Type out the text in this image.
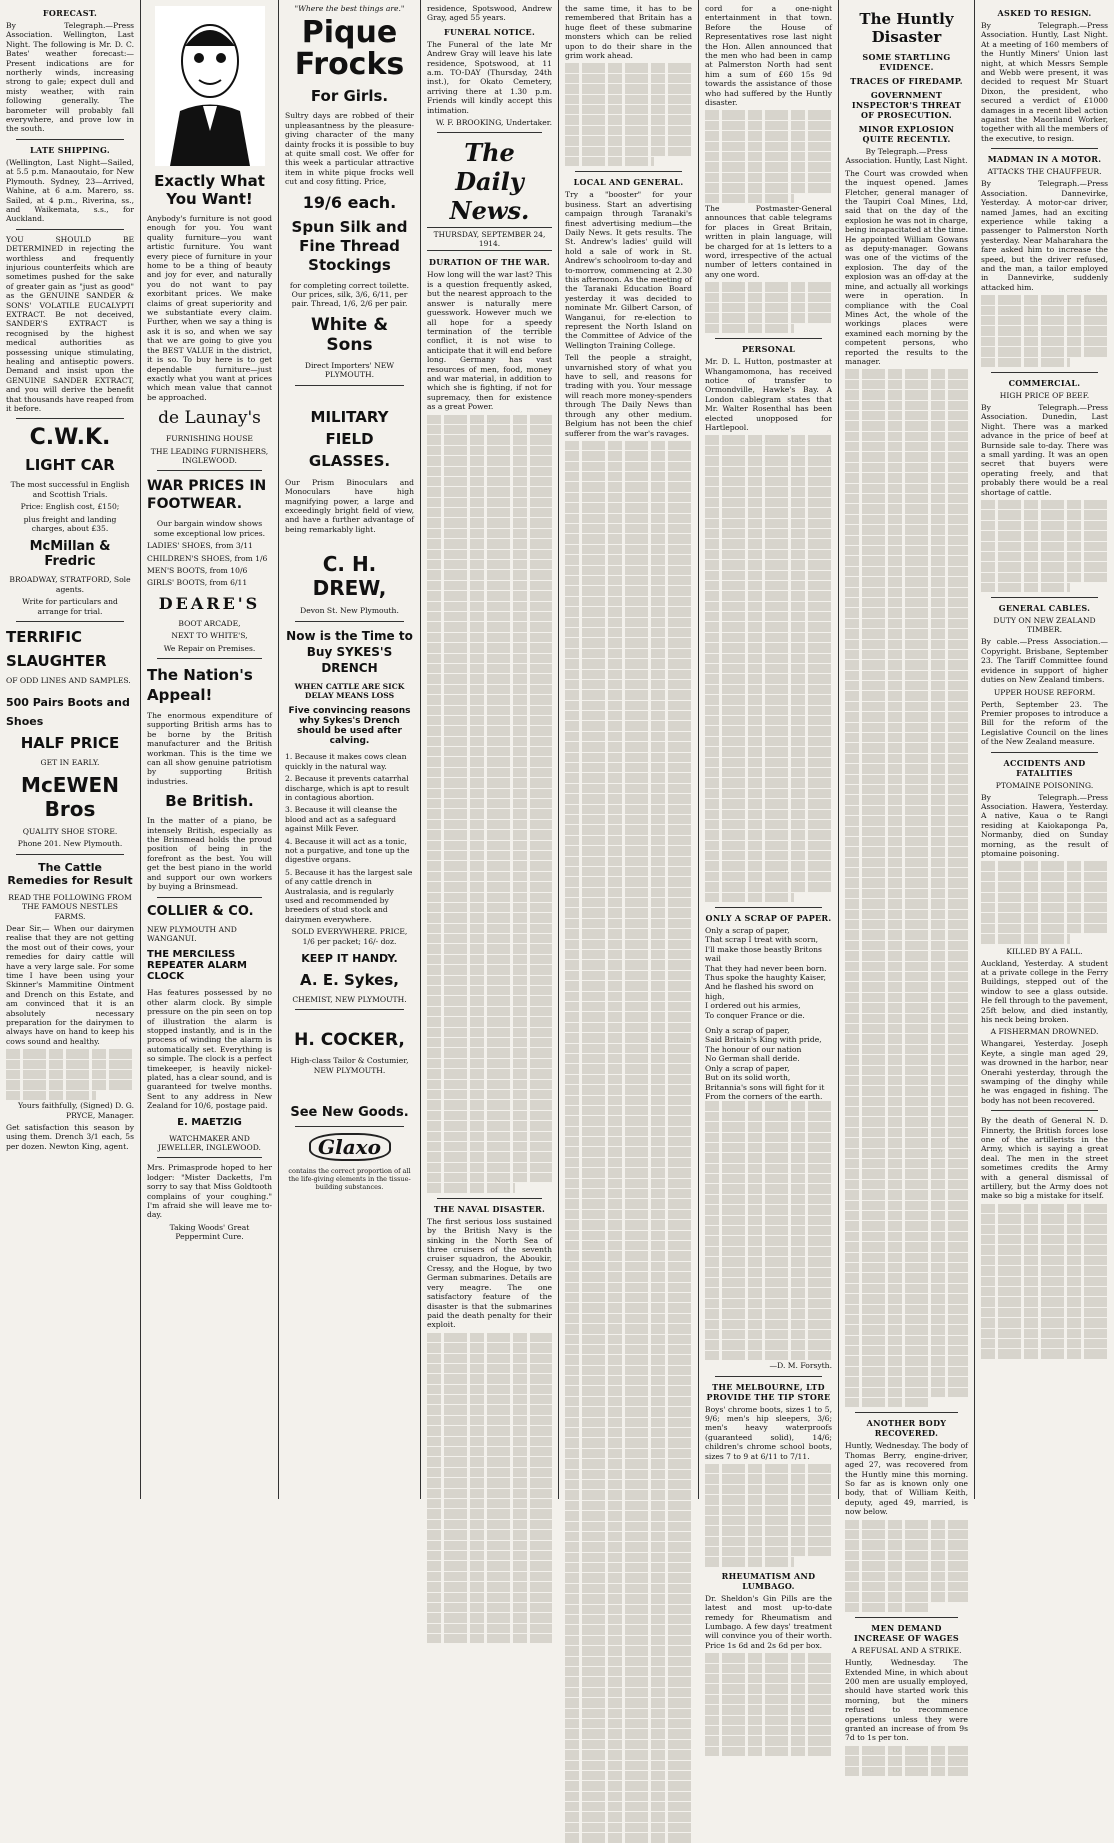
FORECAST.

By Telegraph.—Press Association. Wellington, Last Night. The following is Mr. D. C. Bates' weather forecast:— Present indications are for northerly winds, increasing strong to gale; expect dull and misty weather, with rain following generally. The barometer will probably fall everywhere, and prove low in the south.

LATE SHIPPING.

(Wellington, Last Night—Sailed, at 5.5 p.m. Manaoutaio, for New Plymouth. Sydney, 23—Arrived, Wahine, at 6 a.m. Marero, ss. Sailed, at 4 p.m., Riverina, ss., and Waikemata, s.s., for Auckland.

YOU SHOULD BE DETERMINED in rejecting the worthless and frequently injurious counterfeits which are sometimes pushed for the sake of greater gain as "just as good" as the GENUINE SANDER & SONS' VOLATILE EUCALYPTI EXTRACT. Be not deceived, SANDER'S EXTRACT is recognised by the highest medical authorities as possessing unique stimulating, healing and antiseptic powers. Demand and insist upon the GENUINE SANDER EXTRACT, and you will derive the benefit that thousands have reaped from it before.

C.W.K.
LIGHT CAR

The most successful in English and Scottish Trials.

Price: English cost, £150;

plus freight and landing charges, about £35.

McMillan & Fredric

BROADWAY, STRATFORD, Sole agents.

Write for particulars and arrange for trial.

TERRIFIC
SLAUGHTER

OF ODD LINES AND SAMPLES.

500 Pairs Boots and
Shoes
HALF PRICE

GET IN EARLY.

McEWEN Bros

QUALITY SHOE STORE.

Phone 201. New Plymouth.

The Cattle Remedies for Result

READ THE FOLLOWING FROM THE FAMOUS NESTLES FARMS.

Dear Sir,— When our dairymen realise that they are not getting the most out of their cows, your remedies for dairy cattle will have a very large sale. For some time I have been using your Skinner's Mammitine Ointment and Drench on this Estate, and am convinced that it is an absolutely necessary preparation for the dairymen to always have on hand to keep his cows sound and healthy.

Yours faithfully, (Signed) D. G. PRYCE, Manager.

Get satisfaction this season by using them. Drench 3/1 each, 5s per dozen. Newton King, agent.

Exactly What You Want!

Anybody's furniture is not good enough for you. You want quality furniture—you want artistic furniture. You want every piece of furniture in your home to be a thing of beauty and joy for ever, and naturally you do not want to pay exorbitant prices. We make claims of great superiority and we substantiate every claim. Further, when we say a thing is ask it is so, and when we say that we are going to give you the BEST VALUE in the district, it is so. To buy here is to get dependable furniture—just exactly what you want at prices which mean value that cannot be approached.

de Launay's

FURNISHING HOUSE

THE LEADING FURNISHERS, INGLEWOOD.

WAR PRICES IN FOOTWEAR.

Our bargain window shows some exceptional low prices.

LADIES' SHOES, from 3/11

CHILDREN'S SHOES, from 1/6

MEN'S BOOTS, from 10/6

GIRLS' BOOTS, from 6/11

DEARE'S

BOOT ARCADE,

NEXT TO WHITE'S,

We Repair on Premises.

The Nation's Appeal!

The enormous expenditure of supporting British arms has to be borne by the British manufacturer and the British workman. This is the time we can all show genuine patriotism by supporting British industries.

Be British.

In the matter of a piano, be intensely British, especially as the Brinsmead holds the proud position of being in the forefront as the best. You will get the best piano in the world and support our own workers by buying a Brinsmead.

COLLIER & CO.

NEW PLYMOUTH AND WANGANUI.

THE MERCILESS REPEATER ALARM CLOCK

Has features possessed by no other alarm clock. By simple pressure on the pin seen on top of illustration the alarm is stopped instantly, and is in the process of winding the alarm is automatically set. Everything is so simple. The clock is a perfect timekeeper, is heavily nickel-plated, has a clear sound, and is guaranteed for twelve months. Sent to any address in New Zealand for 10/6, postage paid.

E. MAETZIG

WATCHMAKER AND JEWELLER, INGLEWOOD.

Mrs. Primasprode hoped to her lodger: "Mister Dacketts, I'm sorry to say that Miss Goldtooth complains of your coughing." I'm afraid she will leave me to-day.

Taking Woods' Great Peppermint Cure.

"Where the best things are."

Pique Frocks
For Girls.

Sultry days are robbed of their unpleasantness by the pleasure-giving character of the many dainty frocks it is possible to buy at quite small cost. We offer for this week a particular attractive item in white pique frocks well cut and cosy fitting. Price,

19/6 each.
Spun Silk and Fine Thread Stockings

for completing correct toilette. Our prices, silk, 3/6, 6/11, per pair. Thread, 1/6, 2/6 per pair.

White & Sons

Direct Importers' NEW PLYMOUTH.

MILITARY FIELD GLASSES.

Our Prism Binoculars and Monoculars have high magnifying power, a large and exceedingly bright field of view, and have a further advantage of being remarkably light.

C. H. DREW,

Devon St. New Plymouth.

Now is the Time to Buy SYKES'S DRENCH

WHEN CATTLE ARE SICK DELAY MEANS LOSS

Five convincing reasons why Sykes's Drench should be used after calving.

1. Because it makes cows clean quickly in the natural way.

2. Because it prevents catarrhal discharge, which is apt to result in contagious abortion.

3. Because it will cleanse the blood and act as a safeguard against Milk Fever.

4. Because it will act as a tonic, not a purgative, and tone up the digestive organs.

5. Because it has the largest sale of any cattle drench in Australasia, and is regularly used and recommended by breeders of stud stock and dairymen everywhere.

SOLD EVERYWHERE. PRICE, 1/6 per packet; 16/- doz.

KEEP IT HANDY.
A. E. Sykes,

CHEMIST, NEW PLYMOUTH.

H. COCKER,

High-class Tailor & Costumier, NEW PLYMOUTH.

See New Goods.
Glaxo

contains the correct proportion of all the life-giving elements in the tissue-building substances.

residence, Spotswood, Andrew Gray, aged 55 years.

FUNERAL NOTICE.

The Funeral of the late Mr Andrew Gray will leave his late residence, Spotswood, at 11 a.m. TO-DAY (Thursday, 24th inst.), for Okato Cemetery, arriving there at 1.30 p.m. Friends will kindly accept this intimation.

W. F. BROOKING, Undertaker.

The Daily News.
THURSDAY, SEPTEMBER 24, 1914.
DURATION OF THE WAR.

How long will the war last? This is a question frequently asked, but the nearest approach to the answer is naturally mere guesswork. However much we all hope for a speedy termination of the terrible conflict, it is not wise to anticipate that it will end before long. Germany has vast resources of men, food, money and war material, in addition to which she is fighting, if not for supremacy, then for existence as a great Power.

THE NAVAL DISASTER.

The first serious loss sustained by the British Navy is the sinking in the North Sea of three cruisers of the seventh cruiser squadron, the Aboukir, Cressy, and the Hogue, by two German submarines. Details are very meagre. The one satisfactory feature of the disaster is that the submarines paid the death penalty for their exploit.

the same time, it has to be remembered that Britain has a huge fleet of these submarine monsters which can be relied upon to do their share in the grim work ahead.

LOCAL AND GENERAL.

Try a "booster" for your business. Start an advertising campaign through Taranaki's finest advertising medium—the Daily News. It gets results. The St. Andrew's ladies' guild will hold a sale of work in St. Andrew's schoolroom to-day and to-morrow, commencing at 2.30 this afternoon. As the meeting of the Taranaki Education Board yesterday it was decided to nominate Mr. Gilbert Carson, of Wanganui, for re-election to represent the North Island on the Committee of Advice of the Wellington Training College.

Tell the people a straight, unvarnished story of what you have to sell, and reasons for trading with you. Your message will reach more money-spenders through The Daily News than through any other medium. Belgium has not been the chief sufferer from the war's ravages.

cord for a one-night entertainment in that town. Before the House of Representatives rose last night the Hon. Allen announced that the men who had been in camp at Palmerston North had sent him a sum of £60 15s 9d towards the assistance of those who had suffered by the Huntly disaster.

The Postmaster-General announces that cable telegrams for places in Great Britain, written in plain language, will be charged for at 1s letters to a word, irrespective of the actual number of letters contained in any one word.

PERSONAL

Mr. D. L. Hutton, postmaster at Whangamomona, has received notice of transfer to Ormondville, Hawke's Bay. A London cablegram states that Mr. Walter Rosenthal has been elected unopposed for Hartlepool.

ONLY A SCRAP OF PAPER.

Only a scrap of paper,

That scrap I treat with scorn,

I'll make those beastly Britons wail

That they had never been born.

Thus spoke the haughty Kaiser,

And he flashed his sword on high,

I ordered out his armies,

To conquer France or die.

Only a scrap of paper,

Said Britain's King with pride,

The honour of our nation

No German shall deride.

Only a scrap of paper,

But on its solid worth,

Britannia's sons will fight for it

From the corners of the earth.

—D. M. Forsyth.

THE MELBOURNE, LTD PROVIDE THE TIP STORE

Boys' chrome boots, sizes 1 to 5, 9/6; men's hip sleepers, 3/6; men's heavy waterproofs (guaranteed solid), 14/6; children's chrome school boots, sizes 7 to 9 at 6/11 to 7/11.

RHEUMATISM AND LUMBAGO.

Dr. Sheldon's Gin Pills are the latest and most up-to-date remedy for Rheumatism and Lumbago. A few days' treatment will convince you of their worth. Price 1s 6d and 2s 6d per box.

The Huntly Disaster
SOME STARTLING EVIDENCE.
TRACES OF FIREDAMP.
GOVERNMENT INSPECTOR'S THREAT OF PROSECUTION.
MINOR EXPLOSION QUITE RECENTLY.

By Telegraph.—Press Association. Huntly, Last Night.

The Court was crowded when the inquest opened. James Fletcher, general manager of the Taupiri Coal Mines, Ltd, said that on the day of the explosion he was not in charge, being incapacitated at the time. He appointed William Gowans as deputy-manager. Gowans was one of the victims of the explosion. The day of the explosion was an off-day at the mine, and actually all workings were in operation. In compliance with the Coal Mines Act, the whole of the workings places were examined each morning by the competent persons, who reported the results to the manager.

ANOTHER BODY RECOVERED.

Huntly, Wednesday. The body of Thomas Berry, engine-driver, aged 27, was recovered from the Huntly mine this morning. So far as is known only one body, that of William Keith, deputy, aged 49, married, is now below.

MEN DEMAND INCREASE OF WAGES
A REFUSAL AND A STRIKE.

Huntly, Wednesday. The Extended Mine, in which about 200 men are usually employed, should have started work this morning, but the miners refused to recommence operations unless they were granted an increase of from 9s 7d to 1s per ton.

ASKED TO RESIGN.

By Telegraph.—Press Association. Huntly, Last Night. At a meeting of 160 members of the Huntly Miners' Union last night, at which Messrs Semple and Webb were present, it was decided to request Mr Stuart Dixon, the president, who secured a verdict of £1000 damages in a recent libel action against the Maoriland Worker, together with all the members of the executive, to resign.

MADMAN IN A MOTOR.
ATTACKS THE CHAUFFEUR.

By Telegraph.—Press Association. Dannevirke, Yesterday. A motor-car driver, named James, had an exciting experience while taking a passenger to Palmerston North yesterday. Near Maharahara the fare asked him to increase the speed, but the driver refused, and the man, a tailor employed in Dannevirke, suddenly attacked him.

COMMERCIAL.
HIGH PRICE OF BEEF.

By Telegraph.—Press Association. Dunedin, Last Night. There was a marked advance in the price of beef at Burnside sale to-day. There was a small yarding. It was an open secret that buyers were operating freely, and that probably there would be a real shortage of cattle.

GENERAL CABLES.
DUTY ON NEW ZEALAND TIMBER.

By cable.—Press Association.—Copyright. Brisbane, September 23. The Tariff Committee found evidence in support of higher duties on New Zealand timbers.

UPPER HOUSE REFORM.

Perth, September 23. The Premier proposes to introduce a Bill for the reform of the Legislative Council on the lines of the New Zealand measure.

ACCIDENTS AND FATALITIES
PTOMAINE POISONING.

By Telegraph.—Press Association. Hawera, Yesterday. A native, Kaua o te Rangi residing at Kaiokaponga Pa, Normanby, died on Sunday morning, as the result of ptomaine poisoning.

KILLED BY A FALL.

Auckland, Yesterday. A student at a private college in the Ferry Buildings, stepped out of the window to see a glass outside. He fell through to the pavement, 25ft below, and died instantly, his neck being broken.

A FISHERMAN DROWNED.

Whangarei, Yesterday. Joseph Keyte, a single man aged 29, was drowned in the harbor, near Onerahi yesterday, through the swamping of the dinghy while he was engaged in fishing. The body has not been recovered.

By the death of General N. D. Finnerty, the British forces lose one of the artillerists in the Army, which is saying a great deal. The men in the street sometimes credits the Army with a general dismissal of artillery, but the Army does not make so big a mistake for itself.
